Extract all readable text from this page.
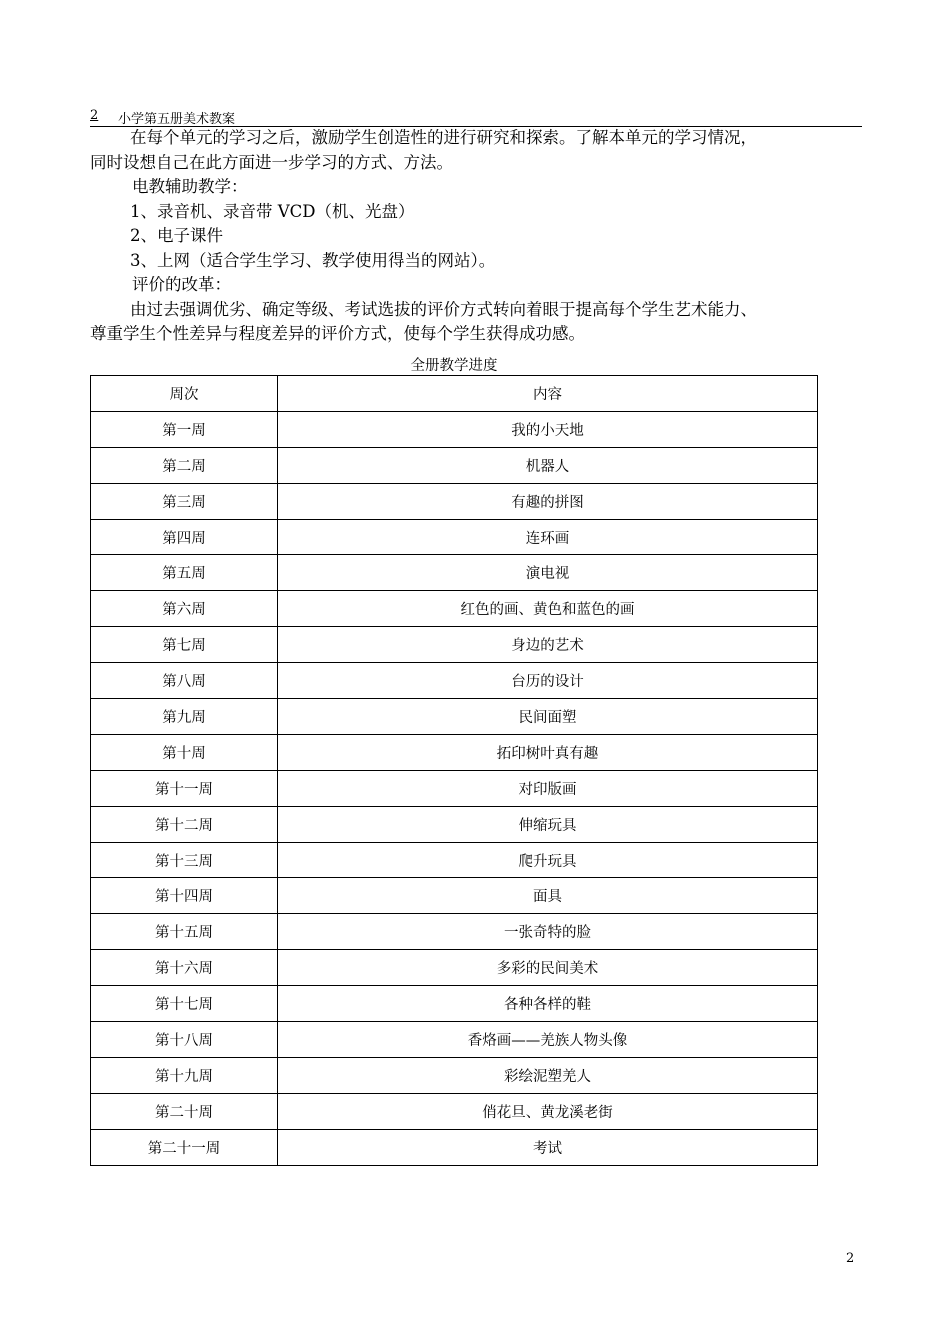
2 小学第五册美术教案

在每个单元的学习之后，激励学生创造性的进行研究和探索。了解本单元的学习情况，

同时设想自己在此方面进一步学习的方式、方法。

电教辅助教学：

1、录音机、录音带 VCD（机、光盘）

2、电子课件

3、上网（适合学生学习、教学使用得当的网站）。

评价的改革：

由过去强调优劣、确定等级、考试选拔的评价方式转向着眼于提高每个学生艺术能力、

尊重学生个性差异与程度差异的评价方式，使每个学生获得成功感。

全册教学进度
周次	内容
第一周	我的小天地
第二周	机器人
第三周	有趣的拼图
第四周	连环画
第五周	演电视
第六周	红色的画、黄色和蓝色的画
第七周	身边的艺术
第八周	台历的设计
第九周	民间面塑
第十周	拓印树叶真有趣
第十一周	对印版画
第十二周	伸缩玩具
第十三周	爬升玩具
第十四周	面具
第十五周	一张奇特的脸
第十六周	多彩的民间美术
第十七周	各种各样的鞋
第十八周	香烙画——羌族人物头像
第十九周	彩绘泥塑羌人
第二十周	俏花旦、黄龙溪老街
第二十一周	考试
2
